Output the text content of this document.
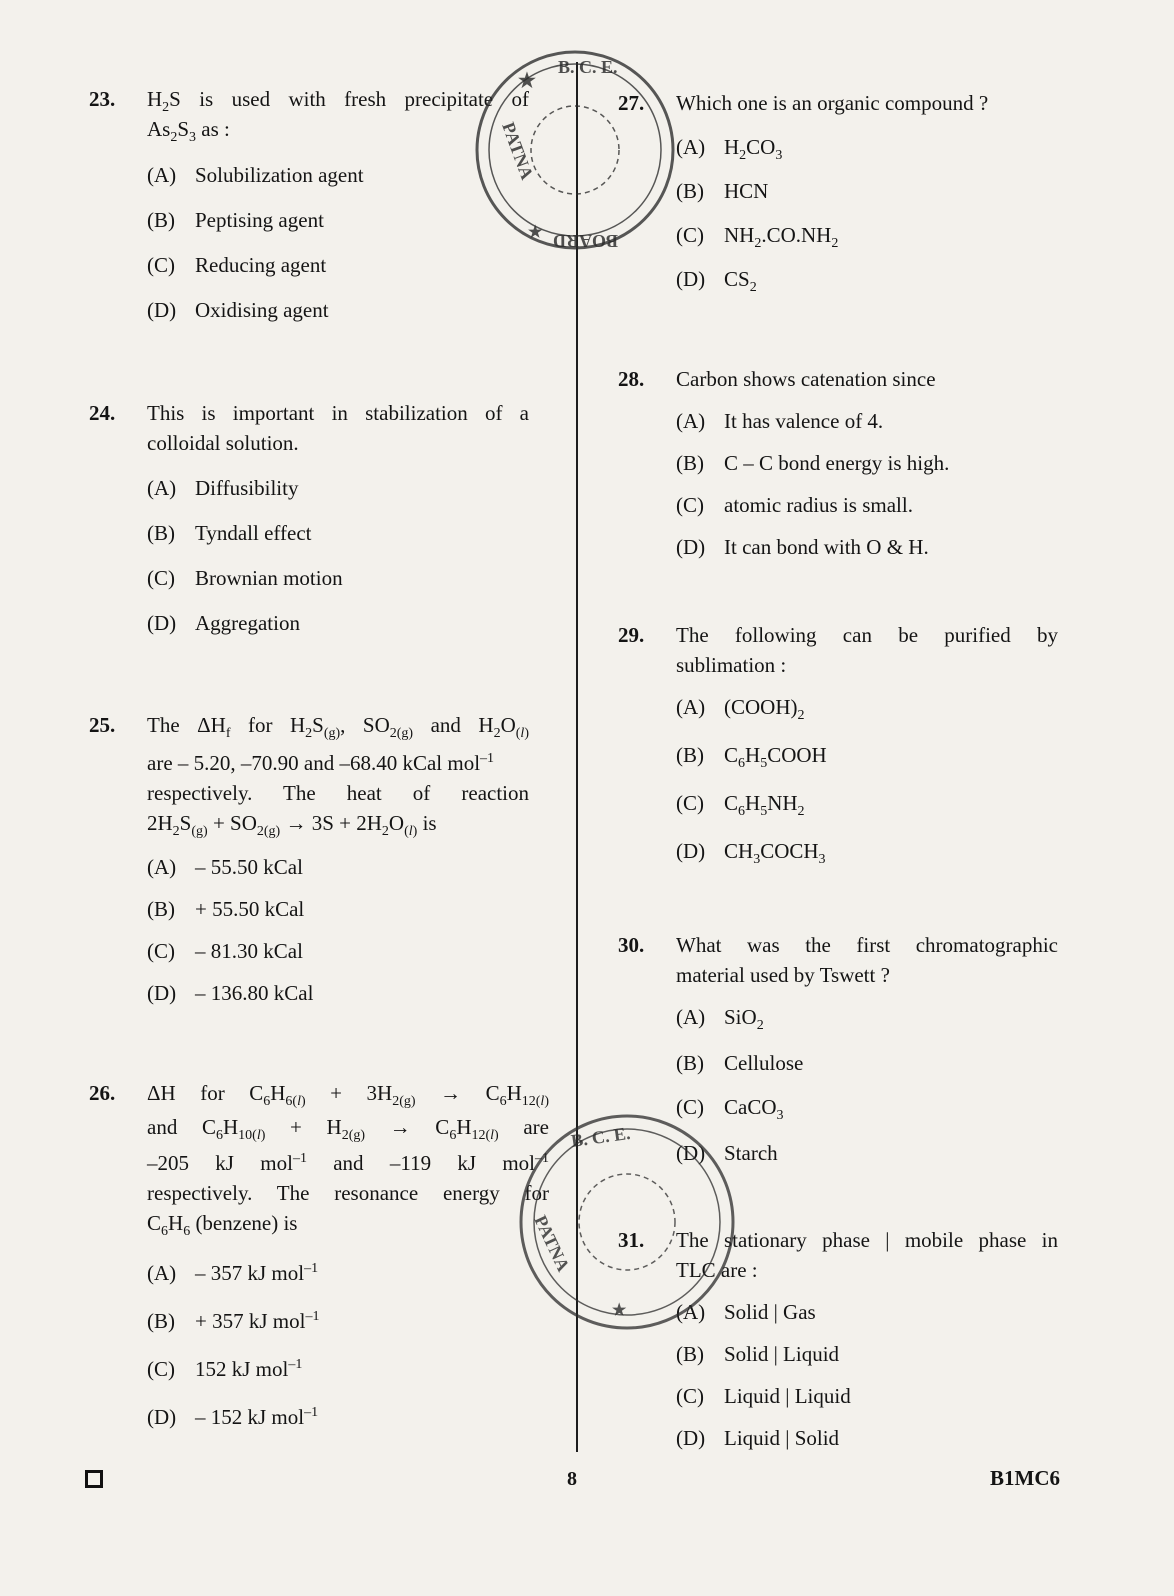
23. $H_2S$ is used with fresh precipitate of
$As_2S_3$ as :
(A) Solubilization agent
(B) Peptising agent
(C) Reducing agent
(D) Oxidising agent
24. This is important in stabilization of a
colloidal solution.
(A) Diffusibility
(B) Tyndall effect
(C) Brownian motion
(D) Aggregation
25. The $\Delta H_f$ for $H_2S_{(g)}$, $SO_{2(g)}$ and $H_2O_{(l)}$
are – 5.20, –70.90 and –68.40 kCal mol$^{-1}$
respectively. The heat of reaction
$2H_2S_{(g)} + SO_{2(g)} \to 3S + 2H_2O_{(l)}$ is
(A) – 55.50 kCal
(B) + 55.50 kCal
(C) – 81.30 kCal
(D) – 136.80 kCal
26. ΔH for $C_6H_{6(l)} + 3H_{2(g)} \to C_6H_{12(l)}$
and $C_6H_{10(l)} + H_{2(g)} \to C_6H_{12(l)}$ are
–205 kJ mol$^{-1}$ and –119 kJ mol$^{-1}$
respectively. The resonance energy for
$C_6H_6$ (benzene) is
(A) – 357 kJ mol$^{-1}$
(B) + 357 kJ mol$^{-1}$
(C) 152 kJ mol$^{-1}$
(D) – 152 kJ mol$^{-1}$
27. Which one is an organic compound ?
(A) $H_2CO_3$
(B) HCN
(C) $NH_2.CO.NH_2$
(D) $CS_2$
28. Carbon shows catenation since
(A) It has valence of 4.
(B) C – C bond energy is high.
(C) atomic radius is small.
(D) It can bond with O & H.
29. The following can be purified by
sublimation :
(A) $(COOH)_2$
(B) $C_6H_5COOH$
(C) $C_6H_5NH_2$
(D) $CH_3COCH_3$
30. What was the first chromatographic
material used by Tswett ?
(A) SiO$_2$
(B) Cellulose
(C) CaCO$_3$
(D) Starch
31. The stationary phase | mobile phase in
TLC are :
(A) Solid | Gas
(B) Solid | Liquid
(C) Liquid | Liquid
(D) Liquid | Solid
B. C. E.
PATNA
BOARD
★
★
B. C. E.
PATNA
★
8	B1MC6
